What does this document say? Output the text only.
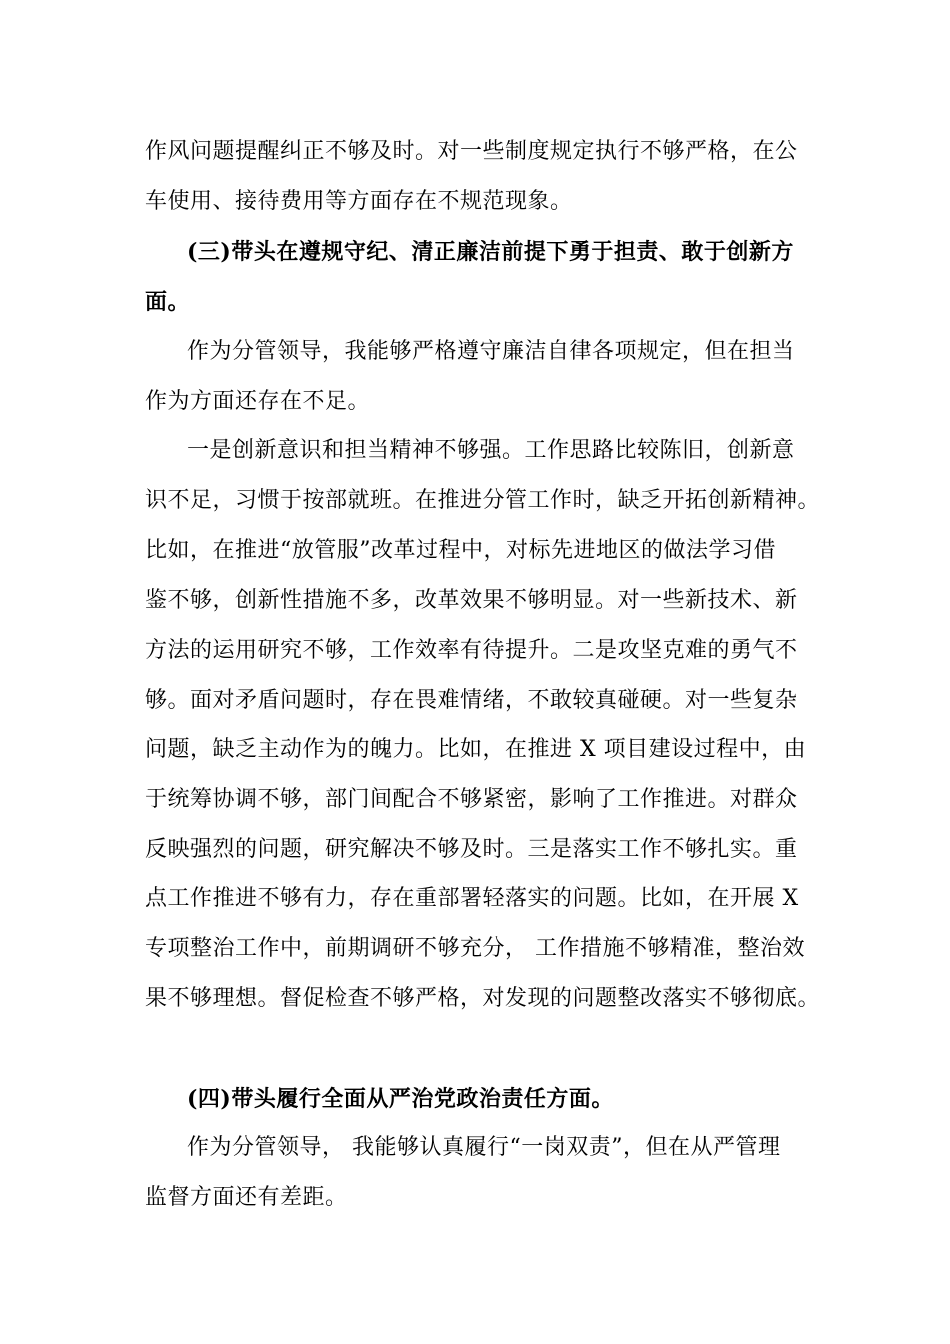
作风问题提醒纠正不够及时。对一些制度规定执行不够严格，在公
车使用、接待费用等方面存在不规范现象。
(三)带头在遵规守纪、清正廉洁前提下勇于担责、敢于创新方
面。
作为分管领导，我能够严格遵守廉洁自律各项规定，但在担当
作为方面还存在不足。
一是创新意识和担当精神不够强。工作思路比较陈旧，创新意
识不足，习惯于按部就班。在推进分管工作时，缺乏开拓创新精神。
比如，在推进“放管服”改革过程中，对标先进地区的做法学习借
鉴不够，创新性措施不多，改革效果不够明显。对一些新技术、新
方法的运用研究不够，工作效率有待提升。二是攻坚克难的勇气不
够。面对矛盾问题时，存在畏难情绪，不敢较真碰硬。对一些复杂
问题，缺乏主动作为的魄力。比如，在推进 X 项目建设过程中，由
于统筹协调不够，部门间配合不够紧密，影响了工作推进。对群众
反映强烈的问题，研究解决不够及时。三是落实工作不够扎实。重
点工作推进不够有力，存在重部署轻落实的问题。比如，在开展 X
专项整治工作中，前期调研不够充分， 工作措施不够精准，整治效
果不够理想。督促检查不够严格，对发现的问题整改落实不够彻底。
(四)带头履行全面从严治党政治责任方面。
作为分管领导， 我能够认真履行“一岗双责”，但在从严管理
监督方面还有差距。
